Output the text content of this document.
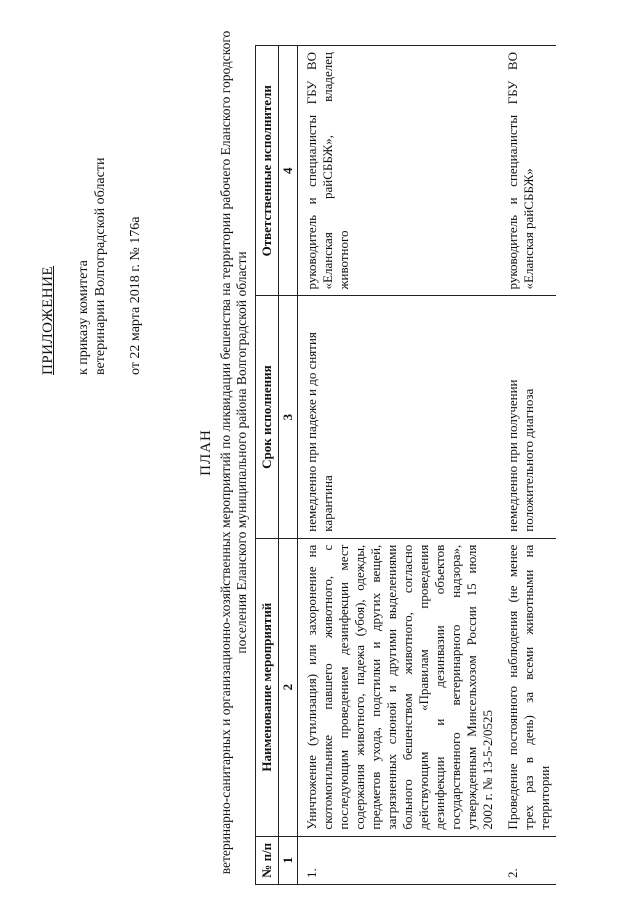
ПРИЛОЖЕНИЕ к приказу комитета ветеринарии Волгоградской области от 22 марта 2018 г. № 176а
ПЛАН ветеринарно-санитарных и организационно-хозяйственных мероприятий по ликвидации бешенства на территории рабочего Еланского городского поселения Еланского муниципального района Волгоградской области
№ п/п	Наименование мероприятий	Срок исполнения	Ответственные исполнители
1	2	3	4
1.	Уничтожение (утилизация) или захоронение на скотомогильнике павшего животного, с последующим проведением дезинфекции мест содержания животного, падежа (убоя), одежды, предметов ухода, подстилки и других вещей, загрязненных слюной и другими выделениями больного бешенством животного, согласно действующим «Правилам проведения дезинфекции и дезинвазии объектов государственного ветеринарного надзора», утвержденным Минсельхозом России 15 июля 2002 г. № 13-5-2/0525	немедленно при падеже и до снятия карантина	руководитель и специалисты ГБУ ВО «Еланская райСББЖ», владелец животного
2.	Проведение постоянного наблюдения (не менее трех раз в день) за всеми животными на территории	немедленно при получении положительного диагноза	руководитель и специалисты ГБУ ВО «Еланская райСББЖ»
